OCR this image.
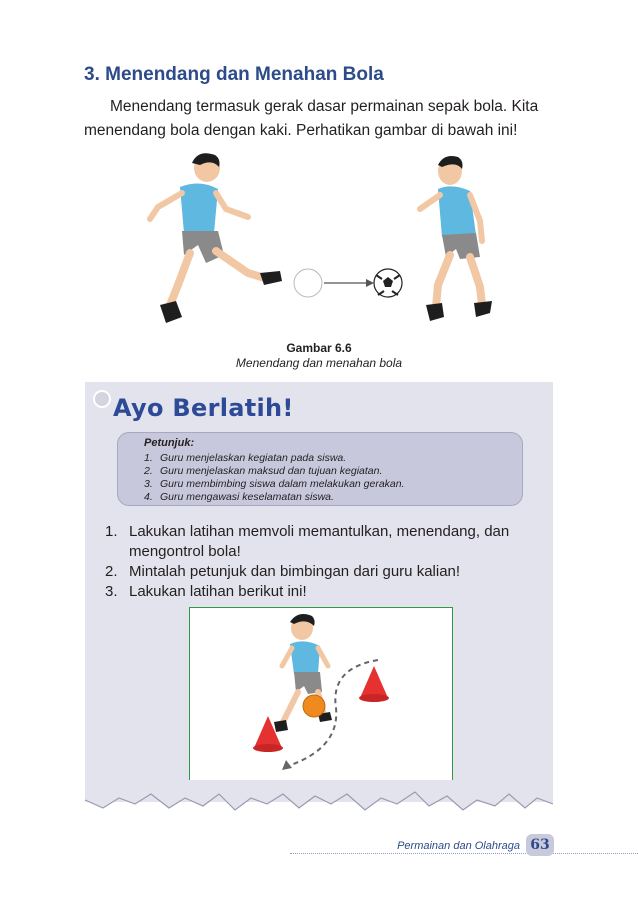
3. Menendang dan Menahan Bola

Menendang termasuk gerak dasar permainan sepak bola. Kita
menendang bola dengan kaki. Perhatikan gambar di bawah ini!

Gambar 6.6
Menendang dan menahan bola
Ayo Berlatih!

Petunjuk:

1. Guru menjelaskan kegiatan pada siswa.
2. Guru menjelaskan maksud dan tujuan kegiatan.
3. Guru membimbing siswa dalam melakukan gerakan.
4. Guru mengawasi keselamatan siswa.
1. Lakukan latihan memvoli memantulkan, menendang, dan mengontrol bola!
2. Mintalah petunjuk dan bimbingan dari guru kalian!
3. Lakukan latihan berikut ini!
Permainan dan Olahraga 63
